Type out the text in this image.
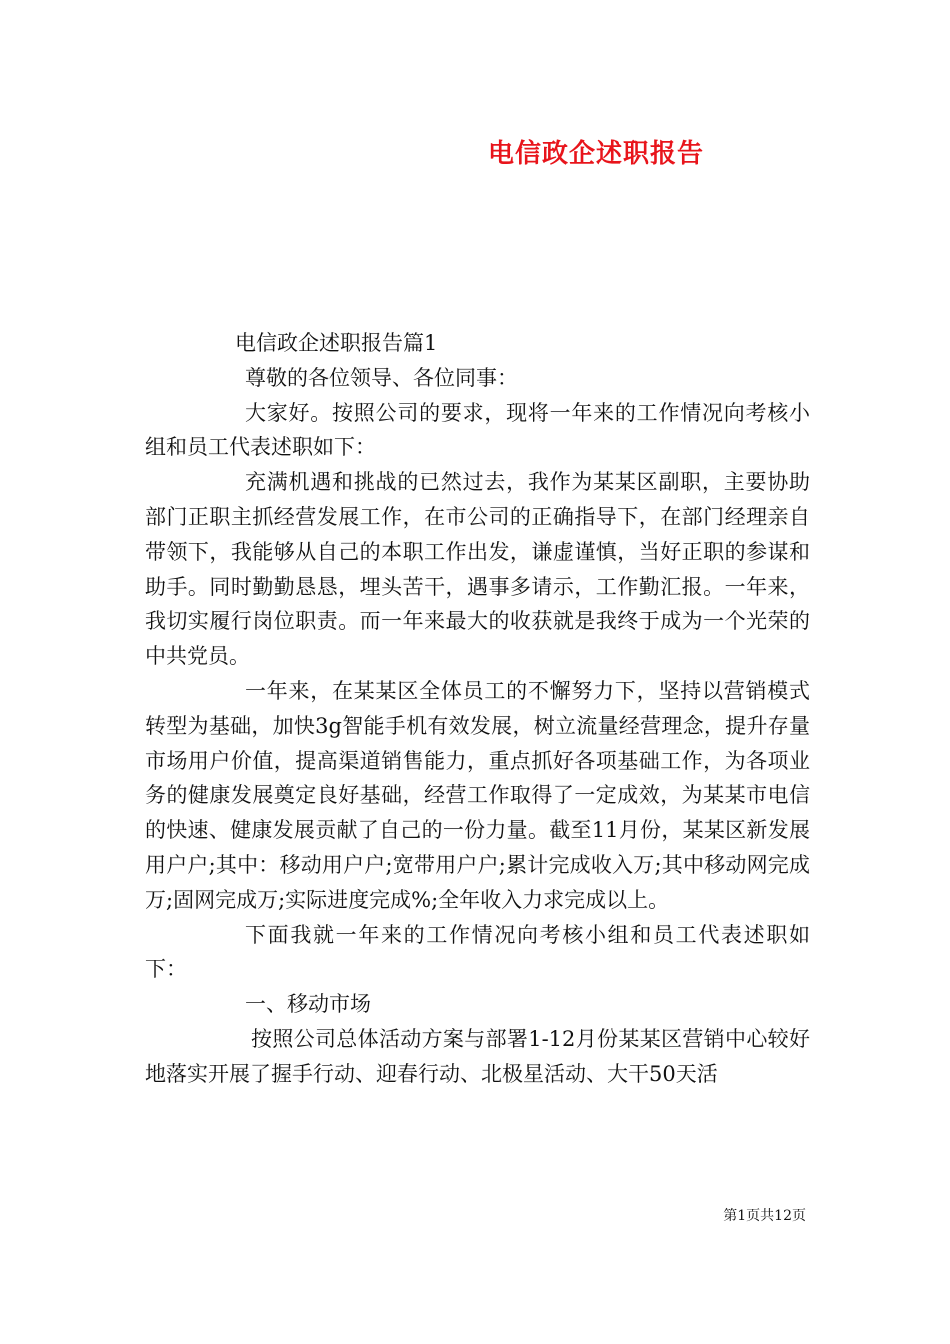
电信政企述职报告

电信政企述职报告篇1

尊敬的各位领导、各位同事：

大家好。按照公司的要求，现将一年来的工作情况向考核小组和员工代表述职如下：

充满机遇和挑战的已然过去，我作为某某区副职，主要协助部门正职主抓经营发展工作，在市公司的正确指导下，在部门经理亲自带领下，我能够从自己的本职工作出发，谦虚谨慎，当好正职的参谋和助手。同时勤勤恳恳，埋头苦干，遇事多请示，工作勤汇报。一年来，我切实履行岗位职责。而一年来最大的收获就是我终于成为一个光荣的中共党员。

一年来，在某某区全体员工的不懈努力下，坚持以营销模式转型为基础，加快3g智能手机有效发展，树立流量经营理念，提升存量市场用户价值，提高渠道销售能力，重点抓好各项基础工作，为各项业务的健康发展奠定良好基础，经营工作取得了一定成效，为某某市电信的快速、健康发展贡献了自己的一份力量。截至11月份，某某区新发展用户户;其中：移动用户户;宽带用户户;累计完成收入万;其中移动网完成万;固网完成万;实际进度完成%;全年收入力求完成以上。

下面我就一年来的工作情况向考核小组和员工代表述职如下：

一、移动市场

按照公司总体活动方案与部署1-12月份某某区营销中心较好地落实开展了握手行动、迎春行动、北极星活动、大干50天活

第1页共12页
